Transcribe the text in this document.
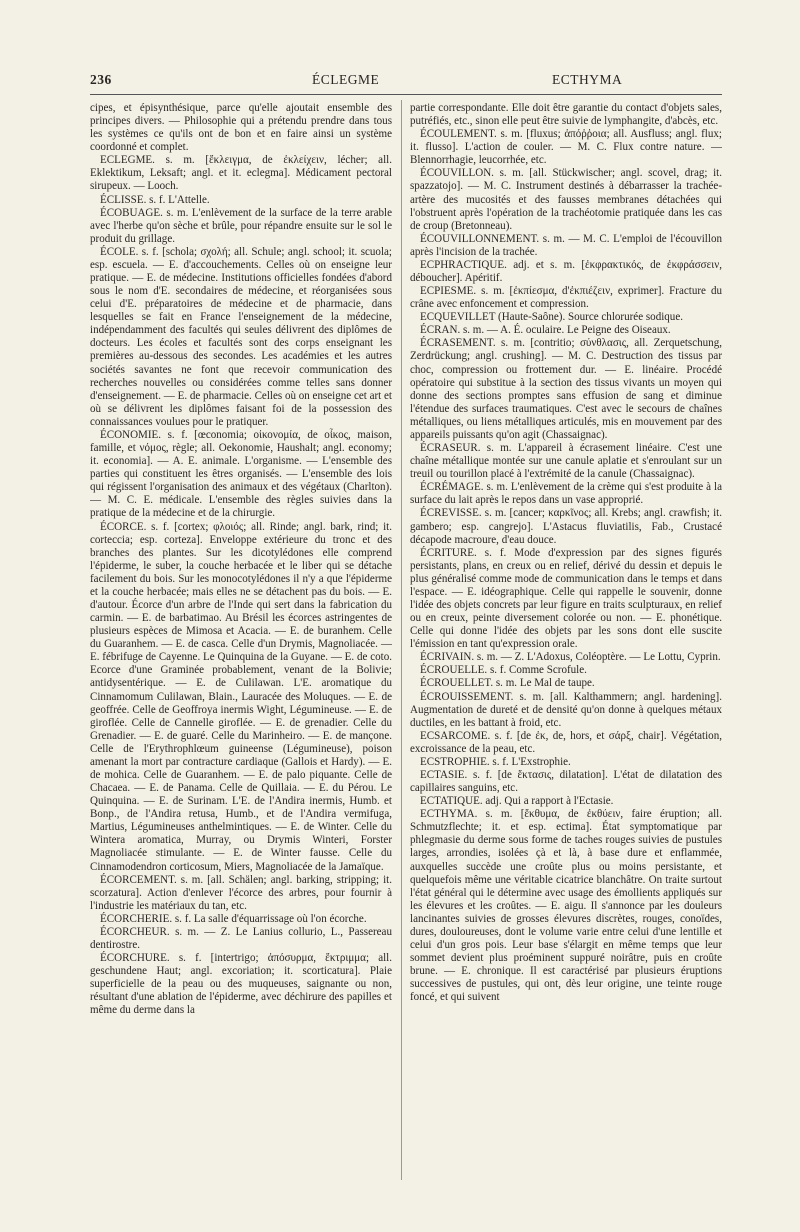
236	ÉCLEGME	ECTHYMA

cipes, et épisynthésique, parce qu'elle ajoutait ensemble des principes divers. — Philosophie qui a prétendu prendre dans tous les systèmes ce qu'ils ont de bon et en faire ainsi un système coordonné et complet.

ECLEGME. s. m. [ἔκλειγμα, de ἐκλείχειν, lécher; all. Eklektikum, Leksaft; angl. et it. eclegma]. Médicament pectoral sirupeux. — Looch.

ÉCLISSE. s. f. L'Attelle.

ÉCOBUAGE. s. m. L'enlèvement de la surface de la terre arable avec l'herbe qu'on sèche et brûle, pour répandre ensuite sur le sol le produit du grillage.

ÉCOLE. s. f. [schola; σχολή; all. Schule; angl. school; it. scuola; esp. escuela. — E. d'accouchements. Celles où on enseigne leur pratique. — E. de médecine. Institutions officielles fondées d'abord sous le nom d'E. secondaires de médecine, et réorganisées sous celui d'E. préparatoires de médecine et de pharmacie, dans lesquelles se fait en France l'enseignement de la médecine, indépendamment des facultés qui seules délivrent des diplômes de docteurs. Les écoles et facultés sont des corps enseignant les premières au-dessous des secondes. Les académies et les autres sociétés savantes ne font que recevoir communication des recherches nouvelles ou considérées comme telles sans donner d'enseignement. — E. de pharmacie. Celles où on enseigne cet art et où se délivrent les diplômes faisant foi de la possession des connaissances voulues pour le pratiquer.

ÉCONOMIE. s. f. [œconomia; οἰκονομία, de οἶκος, maison, famille, et νόμος, règle; all. Oekonomie, Haushalt; angl. economy; it. economia]. — A. E. animale. L'organisme. — L'ensemble des parties qui constituent les êtres organisés. — L'ensemble des lois qui régissent l'organisation des animaux et des végétaux (Charlton). — M. C. E. médicale. L'ensemble des règles suivies dans la pratique de la médecine et de la chirurgie.

ÉCORCE. s. f. [cortex; φλοιός; all. Rinde; angl. bark, rind; it. corteccia; esp. corteza]. Enveloppe extérieure du tronc et des branches des plantes. Sur les dicotylédones elle comprend l'épiderme, le suber, la couche herbacée et le liber qui se détache facilement du bois. Sur les monocotylédones il n'y a que l'épiderme et la couche herbacée; mais elles ne se détachent pas du bois. — E. d'autour. Écorce d'un arbre de l'Inde qui sert dans la fabrication du carmin. — E. de barbatimao. Au Brésil les écorces astringentes de plusieurs espèces de Mimosa et Acacia. — E. de buranhem. Celle du Guaranhem. — E. de casca. Celle d'un Drymis, Magnoliacée. — E. fébrifuge de Cayenne. Le Quinquina de la Guyane. — E. de coto. Ecorce d'une Graminée probablement, venant de la Bolivie; antidysentérique. — E. de Culilawan. L'E. aromatique du Cinnamomum Culilawan, Blain., Lauracée des Moluques. — E. de geoffrée. Celle de Geoffroya inermis Wight, Légumineuse. — E. de giroflée. Celle de Cannelle giroflée. — E. de grenadier. Celle du Grenadier. — E. de guaré. Celle du Marinheiro. — E. de mançone. Celle de l'Erythrophlœum guineense (Légumineuse), poison amenant la mort par contracture cardiaque (Gallois et Hardy). — E. de mohica. Celle de Guaranhem. — E. de palo piquante. Celle de Chacaea. — E. de Panama. Celle de Quillaia. — E. du Pérou. Le Quinquina. — E. de Surinam. L'E. de l'Andira inermis, Humb. et Bonp., de l'Andira retusa, Humb., et de l'Andira vermifuga, Martius, Légumineuses anthelmintiques. — E. de Winter. Celle du Wintera aromatica, Murray, ou Drymis Winteri, Forster Magnoliacée stimulante. — E. de Winter fausse. Celle du Cinnamodendron corticosum, Miers, Magnoliacée de la Jamaïque.

ÉCORCEMENT. s. m. [all. Schälen; angl. barking, stripping; it. scorzatura]. Action d'enlever l'écorce des arbres, pour fournir à l'industrie les matériaux du tan, etc.

ÉCORCHERIE. s. f. La salle d'équarrissage où l'on écorche.

ÉCORCHEUR. s. m. — Z. Le Lanius collurio, L., Passereau dentirostre.

ÉCORCHURE. s. f. [intertrigo; ἀπόσυρμα, ἔκτριμμα; all. geschundene Haut; angl. excoriation; it. scorticatura]. Plaie superficielle de la peau ou des muqueuses, saignante ou non, résultant d'une ablation de l'épiderme, avec déchirure des papilles et même du derme dans la

partie correspondante. Elle doit être garantie du contact d'objets sales, putréfiés, etc., sinon elle peut être suivie de lymphangite, d'abcès, etc.

ÉCOULEMENT. s. m. [fluxus; ἀπόῤῥοια; all. Ausfluss; angl. flux; it. flusso]. L'action de couler. — M. C. Flux contre nature. — Blennorrhagie, leucorrhée, etc.

ÉCOUVILLON. s. m. [all. Stückwischer; angl. scovel, drag; it. spazzatojo]. — M. C. Instrument destinés à débarrasser la trachée-artère des mucosités et des fausses membranes détachées qui l'obstruent après l'opération de la trachéotomie pratiquée dans les cas de croup (Bretonneau).

ÉCOUVILLONNEMENT. s. m. — M. C. L'emploi de l'écouvillon après l'incision de la trachée.

ECPHRACTIQUE. adj. et s. m. [ἐκφρακτικός, de ἐκφράσσειν, déboucher]. Apéritif.

ECPIESME. s. m. [ἐκπίεσμα, d'ἐκπιέζειν, exprimer]. Fracture du crâne avec enfoncement et compression.

ECQUEVILLET (Haute-Saône). Source chlorurée sodique.

ÉCRAN. s. m. — A. É. oculaire. Le Peigne des Oiseaux.

ÉCRASEMENT. s. m. [contritio; σύνθλασις, all. Zerquetschung, Zerdrückung; angl. crushing]. — M. C. Destruction des tissus par choc, compression ou frottement dur. — E. linéaire. Procédé opératoire qui substitue à la section des tissus vivants un moyen qui donne des sections promptes sans effusion de sang et diminue l'étendue des surfaces traumatiques. C'est avec le secours de chaînes métalliques, ou liens métalliques articulés, mis en mouvement par des appareils puissants qu'on agit (Chassaignac).

ÉCRASEUR. s. m. L'appareil à écrasement linéaire. C'est une chaîne métallique montée sur une canule aplatie et s'enroulant sur un treuil ou tourillon placé à l'extrémité de la canule (Chassaignac).

ÉCRÉMAGE. s. m. L'enlèvement de la crème qui s'est produite à la surface du lait après le repos dans un vase approprié.

ÉCREVISSE. s. m. [cancer; καρκῖνος; all. Krebs; angl. crawfish; it. gambero; esp. cangrejo]. L'Astacus fluviatilis, Fab., Crustacé décapode macroure, d'eau douce.

ÉCRITURE. s. f. Mode d'expression par des signes figurés persistants, plans, en creux ou en relief, dérivé du dessin et depuis le plus généralisé comme mode de communication dans le temps et dans l'espace. — E. idéographique. Celle qui rappelle le souvenir, donne l'idée des objets concrets par leur figure en traits sculpturaux, en relief ou en creux, peinte diversement colorée ou non. — E. phonétique. Celle qui donne l'idée des objets par les sons dont elle suscite l'émission en tant qu'expression orale.

ÉCRIVAIN. s. m. — Z. L'Adoxus, Coléoptère. — Le Lottu, Cyprin.

ÉCROUELLE. s. f. Comme Scrofule.

ÉCROUELLET. s. m. Le Mal de taupe.

ÉCROUISSEMENT. s. m. [all. Kalthammern; angl. hardening]. Augmentation de dureté et de densité qu'on donne à quelques métaux ductiles, en les battant à froid, etc.

ECSARCOME. s. f. [de ἐκ, de, hors, et σάρξ, chair]. Végétation, excroissance de la peau, etc.

ECSTROPHIE. s. f. L'Exstrophie.

ECTASIE. s. f. [de ἔκτασις, dilatation]. L'état de dilatation des capillaires sanguins, etc.

ECTATIQUE. adj. Qui a rapport à l'Ectasie.

ECTHYMA. s. m. [ἔκθυμα, de ἐκθύειν, faire éruption; all. Schmutzflechte; it. et esp. ectima]. État symptomatique par phlegmasie du derme sous forme de taches rouges suivies de pustules larges, arrondies, isolées çà et là, à base dure et enflammée, auxquelles succède une croûte plus ou moins persistante, et quelquefois même une véritable cicatrice blanchâtre. On traite surtout l'état général qui le détermine avec usage des émollients appliqués sur les élevures et les croûtes. — E. aigu. Il s'annonce par les douleurs lancinantes suivies de grosses élevures discrètes, rouges, conoïdes, dures, douloureuses, dont le volume varie entre celui d'une lentille et celui d'un gros pois. Leur base s'élargit en même temps que leur sommet devient plus proéminent suppuré noirâtre, puis en croûte brune. — E. chronique. Il est caractérisé par plusieurs éruptions successives de pustules, qui ont, dès leur origine, une teinte rouge foncé, et qui suivent
